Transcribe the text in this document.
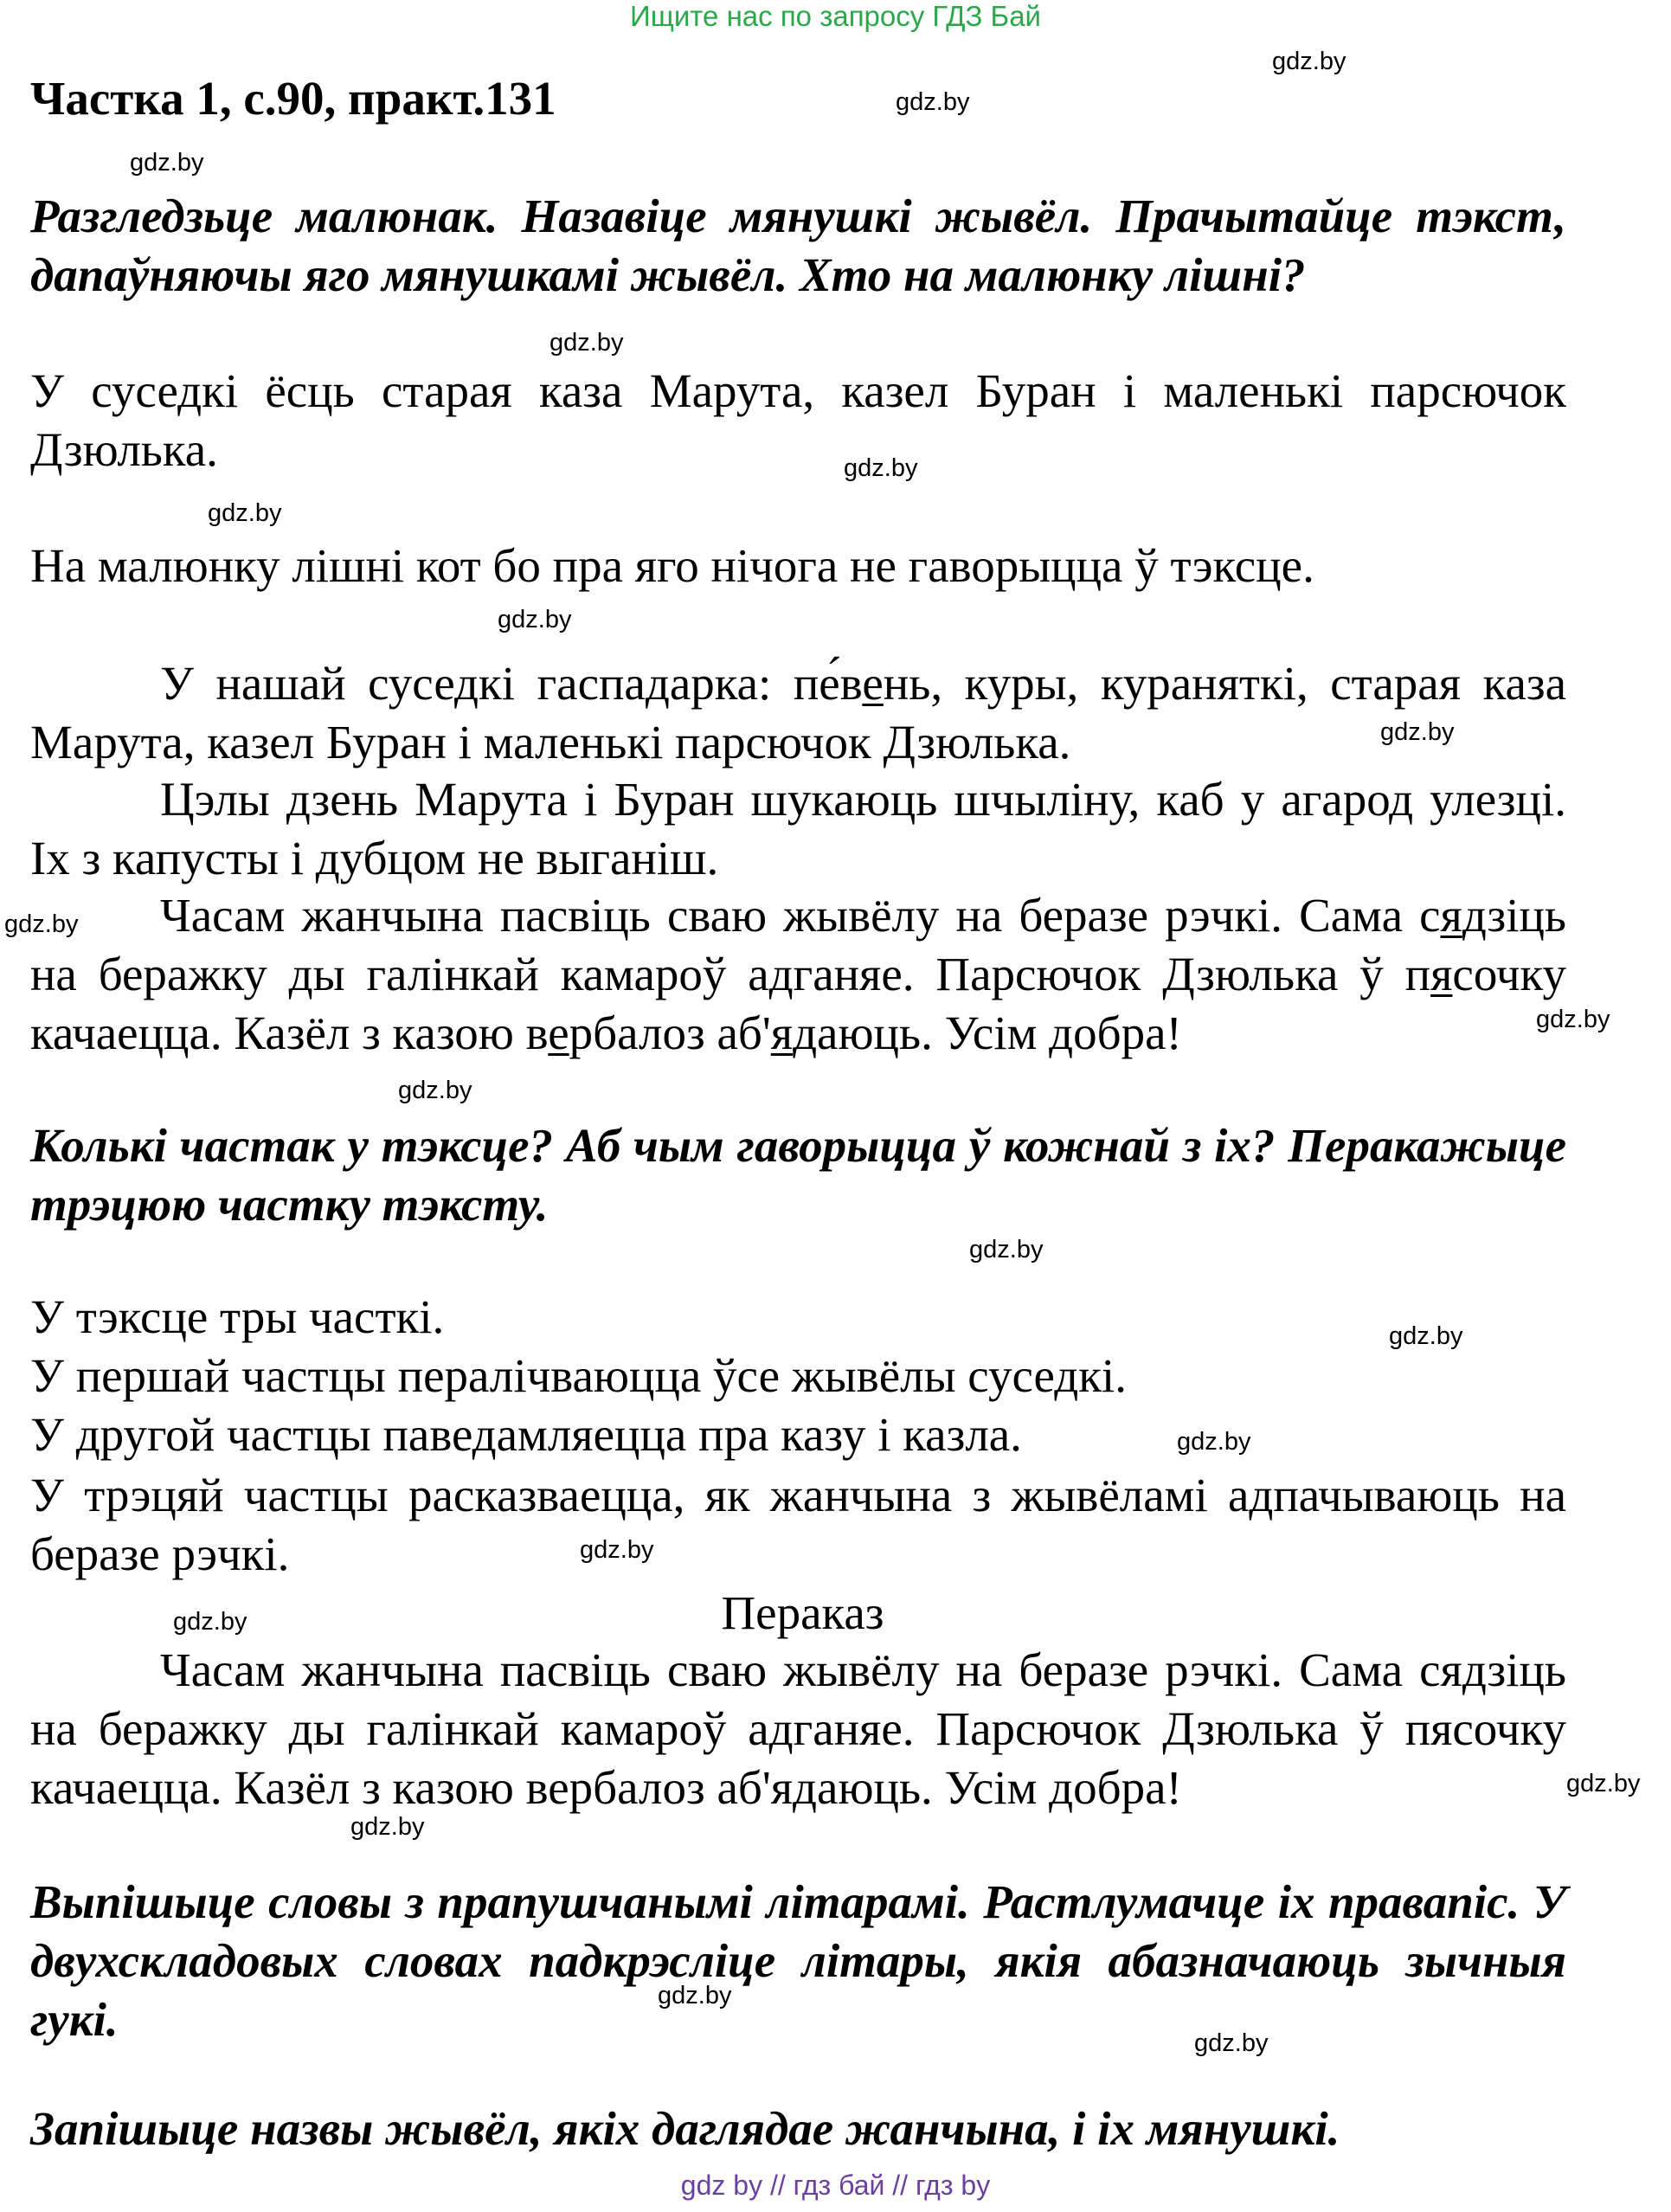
Ищите нас по запросу ГДЗ Бай
Частка 1, с.90, практ.131
gdz.by
gdz.by
gdz.by
gdz.by
gdz.by
gdz.by
gdz.by
gdz.by
gdz.by
gdz.by
gdz.by
gdz.by
gdz.by
gdz.by
gdz.by
gdz.by
gdz.by
gdz.by
gdz.by
gdz.by
Разгледзьце малюнак. Назавіце мянушкі жывёл. Прачытайце тэкст, дапаўняючы яго мянушкамі жывёл. Хто на малюнку лішні?
У суседкі ёсць старая каза Марута, казел Буран і маленькі парсючок Дзюлька.
На малюнку лішні кот бо пра яго нічога не гаворыцца ў тэксце.
У нашай суседкі гаспадарка: пе́вень, куры, кураняткі, старая каза Марута, казел Буран і маленькі парсючок Дзюлька.
Цэлы дзень Марута і Буран шукаюць шчыліну, каб у агарод улезці. Іх з капусты і дубцом не выганіш.
Часам жанчына пасвіць сваю жывёлу на беразе рэчкі. Сама сядзіць на беражку ды галінкай камароў адганяе. Парсючок Дзюлька ў пясочку качаецца. Казёл з казою вербалоз аб'ядаюць. Усім добра!
Колькі частак у тэксце? Аб чым гаворыцца ў кожнай з іх? Перакажыце трэцюю частку тэксту.
У тэксце тры часткі.
У першай частцы пералічваюцца ўсе жывёлы суседкі.
У другой частцы паведамляецца пра казу і казла.
У трэцяй частцы расказваецца, як жанчына з жывёламі адпачываюць на беразе рэчкі.
Пераказ
Часам жанчына пасвіць сваю жывёлу на беразе рэчкі. Сама сядзіць на беражку ды галінкай камароў адганяе. Парсючок Дзюлька ў пясочку качаецца. Казёл з казою вербалоз аб'ядаюць. Усім добра!
Выпішыце словы з прапушчанымі літарамі. Растлумачце іх правапіс. У двухскладовых словах падкрэсліце літары, якія абазначаюць зычныя гукі.
Запішыце назвы жывёл, якіх даглядае жанчына, і іх мянушкі.
gdz by // гдз бай // гдз by
